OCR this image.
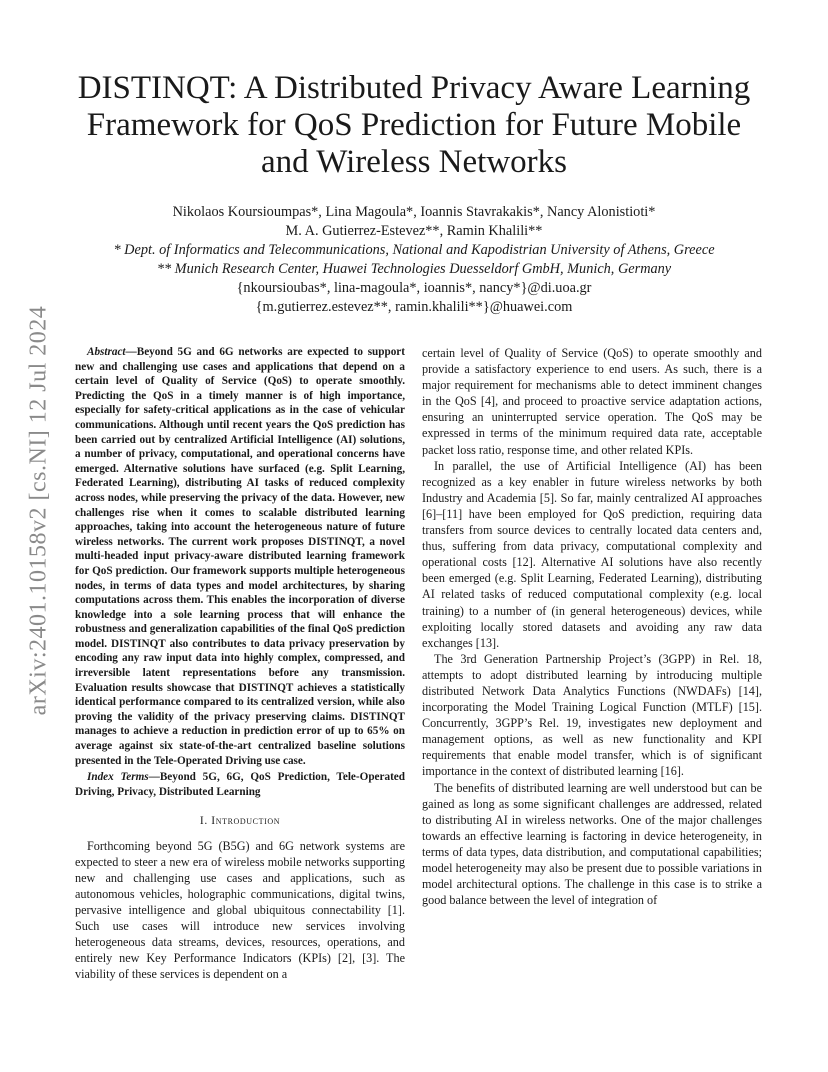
arXiv:2401.10158v2 [cs.NI] 12 Jul 2024
DISTINQT: A Distributed Privacy Aware Learning Framework for QoS Prediction for Future Mobile and Wireless Networks
Nikolaos Koursioumpas*, Lina Magoula*, Ioannis Stavrakakis*, Nancy Alonistioti*
M. A. Gutierrez-Estevez**, Ramin Khalili**
* Dept. of Informatics and Telecommunications, National and Kapodistrian University of Athens, Greece
** Munich Research Center, Huawei Technologies Duesseldorf GmbH, Munich, Germany
{nkoursioubas*, lina-magoula*, ioannis*, nancy*}@di.uoa.gr
{m.gutierrez.estevez**, ramin.khalili**}@huawei.com

Abstract—Beyond 5G and 6G networks are expected to support new and challenging use cases and applications that depend on a certain level of Quality of Service (QoS) to operate smoothly. Predicting the QoS in a timely manner is of high importance, especially for safety-critical applications as in the case of vehicular communications. Although until recent years the QoS prediction has been carried out by centralized Artificial Intelligence (AI) solutions, a number of privacy, computational, and operational concerns have emerged. Alternative solutions have surfaced (e.g. Split Learning, Federated Learning), distributing AI tasks of reduced complexity across nodes, while preserving the privacy of the data. However, new challenges rise when it comes to scalable distributed learning approaches, taking into account the heterogeneous nature of future wireless networks. The current work proposes DISTINQT, a novel multi-headed input privacy-aware distributed learning framework for QoS prediction. Our framework supports multiple heterogeneous nodes, in terms of data types and model architectures, by sharing computations across them. This enables the incorporation of diverse knowledge into a sole learning process that will enhance the robustness and generalization capabilities of the final QoS prediction model. DISTINQT also contributes to data privacy preservation by encoding any raw input data into highly complex, compressed, and irreversible latent representations before any transmission. Evaluation results showcase that DISTINQT achieves a statistically identical performance compared to its centralized version, while also proving the validity of the privacy preserving claims. DISTINQT manages to achieve a reduction in prediction error of up to 65% on average against six state-of-the-art centralized baseline solutions presented in the Tele-Operated Driving use case.

Index Terms—Beyond 5G, 6G, QoS Prediction, Tele-Operated Driving, Privacy, Distributed Learning

I. Introduction

Forthcoming beyond 5G (B5G) and 6G network systems are expected to steer a new era of wireless mobile networks supporting new and challenging use cases and applications, such as autonomous vehicles, holographic communications, digital twins, pervasive intelligence and global ubiquitous connectability [1]. Such use cases will introduce new services involving heterogeneous data streams, devices, resources, operations, and entirely new Key Performance Indicators (KPIs) [2], [3]. The viability of these services is dependent on a

certain level of Quality of Service (QoS) to operate smoothly and provide a satisfactory experience to end users. As such, there is a major requirement for mechanisms able to detect imminent changes in the QoS [4], and proceed to proactive service adaptation actions, ensuring an uninterrupted service operation. The QoS may be expressed in terms of the minimum required data rate, acceptable packet loss ratio, response time, and other related KPIs.

In parallel, the use of Artificial Intelligence (AI) has been recognized as a key enabler in future wireless networks by both Industry and Academia [5]. So far, mainly centralized AI approaches [6]–[11] have been employed for QoS prediction, requiring data transfers from source devices to centrally located data centers and, thus, suffering from data privacy, computational complexity and operational costs [12]. Alternative AI solutions have also recently been emerged (e.g. Split Learning, Federated Learning), distributing AI related tasks of reduced computational complexity (e.g. local training) to a number of (in general heterogeneous) devices, while exploiting locally stored datasets and avoiding any raw data exchanges [13].

The 3rd Generation Partnership Project’s (3GPP) in Rel. 18, attempts to adopt distributed learning by introducing multiple distributed Network Data Analytics Functions (NWDAFs) [14], incorporating the Model Training Logical Function (MTLF) [15]. Concurrently, 3GPP’s Rel. 19, investigates new deployment and management options, as well as new functionality and KPI requirements that enable model transfer, which is of significant importance in the context of distributed learning [16].

The benefits of distributed learning are well understood but can be gained as long as some significant challenges are addressed, related to distributing AI in wireless networks. One of the major challenges towards an effective learning is factoring in device heterogeneity, in terms of data types, data distribution, and computational capabilities; model heterogeneity may also be present due to possible variations in model architectural options. The challenge in this case is to strike a good balance between the level of integration of
